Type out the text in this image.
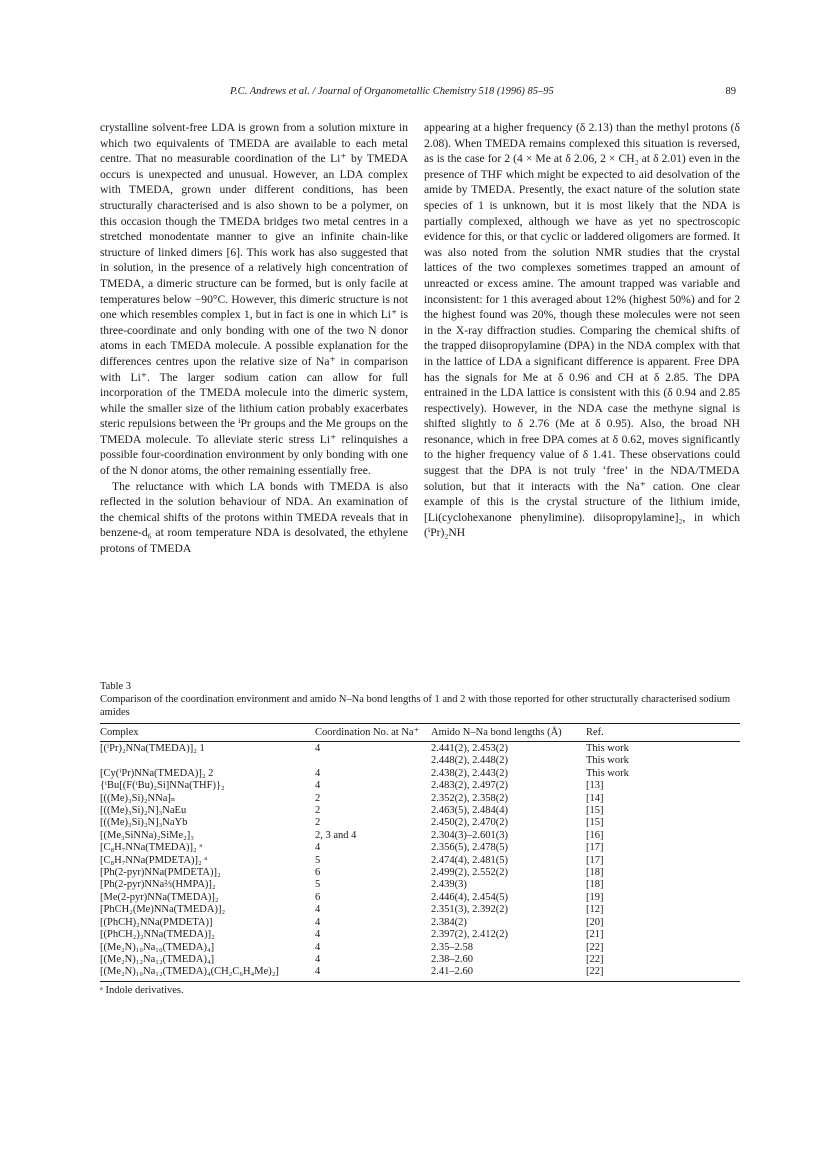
P.C. Andrews et al. / Journal of Organometallic Chemistry 518 (1996) 85–95	89

crystalline solvent-free LDA is grown from a solution mixture in which two equivalents of TMEDA are available to each metal centre. That no measurable coordination of the Li⁺ by TMEDA occurs is unexpected and unusual. However, an LDA complex with TMEDA, grown under different conditions, has been structurally characterised and is also shown to be a polymer, on this occasion though the TMEDA bridges two metal centres in a stretched monodentate manner to give an infinite chain-like structure of linked dimers [6]. This work has also suggested that in solution, in the presence of a relatively high concentration of TMEDA, a dimeric structure can be formed, but is only facile at temperatures below −90°C. However, this dimeric structure is not one which resembles complex 1, but in fact is one in which Li⁺ is three-coordinate and only bonding with one of the two N donor atoms in each TMEDA molecule. A possible explanation for the differences centres upon the relative size of Na⁺ in comparison with Li⁺. The larger sodium cation can allow for full incorporation of the TMEDA molecule into the dimeric system, while the smaller size of the lithium cation probably exacerbates steric repulsions between the ⁱPr groups and the Me groups on the TMEDA molecule. To alleviate steric stress Li⁺ relinquishes a possible four-coordination environment by only bonding with one of the N donor atoms, the other remaining essentially free.

The reluctance with which LA bonds with TMEDA is also reflected in the solution behaviour of NDA. An examination of the chemical shifts of the protons within TMEDA reveals that in benzene-d₆ at room temperature NDA is desolvated, the ethylene protons of TMEDA

appearing at a higher frequency (δ 2.13) than the methyl protons (δ 2.08). When TMEDA remains complexed this situation is reversed, as is the case for 2 (4 × Me at δ 2.06, 2 × CH₂ at δ 2.01) even in the presence of THF which might be expected to aid desolvation of the amide by TMEDA. Presently, the exact nature of the solution state species of 1 is unknown, but it is most likely that the NDA is partially complexed, although we have as yet no spectroscopic evidence for this, or that cyclic or laddered oligomers are formed. It was also noted from the solution NMR studies that the crystal lattices of the two complexes sometimes trapped an amount of unreacted or excess amine. The amount trapped was variable and inconsistent: for 1 this averaged about 12% (highest 50%) and for 2 the highest found was 20%, though these molecules were not seen in the X-ray diffraction studies. Comparing the chemical shifts of the trapped diisopropylamine (DPA) in the NDA complex with that in the lattice of LDA a significant difference is apparent. Free DPA has the signals for Me at δ 0.96 and CH at δ 2.85. The DPA entrained in the LDA lattice is consistent with this (δ 0.94 and 2.85 respectively). However, in the NDA case the methyne signal is shifted slightly to δ 2.76 (Me at δ 0.95). Also, the broad NH resonance, which in free DPA comes at δ 0.62, moves significantly to the higher frequency value of δ 1.41. These observations could suggest that the DPA is not truly ‘free’ in the NDA/TMEDA solution, but that it interacts with the Na⁺ cation. One clear example of this is the crystal structure of the lithium imide, [Li(cyclohexanone phenylimine). diisopropylamine]₂, in which (ⁱPr)₂NH

Table 3
Comparison of the coordination environment and amido N–Na bond lengths of 1 and 2 with those reported for other structurally characterised sodium amides
Complex	Coordination No. at Na⁺	Amido N–Na bond lengths (Å)	Ref.
[(ⁱPr)₂NNa(TMEDA)]₂ 1	4	2.441(2), 2.453(2)	This work
		2.448(2), 2.448(2)	This work
[Cy(ⁱPr)NNa(TMEDA)]₂ 2	4	2.438(2), 2.443(2)	This work
{ᵗBu[(F(ᵗBu)₂Si]NNa(THF)}₂	4	2.483(2), 2.497(2)	[13]
[((Me)₃Si)₂NNa]ₙ	2	2.352(2), 2.358(2)	[14]
[((Me)₃Si)₂N]₃NaEu	2	2.463(5), 2.484(4)	[15]
[((Me)₃Si)₂N]₃NaYb	2	2.450(2), 2.470(2)	[15]
[(Me₃SiNNa)₂SiMe₂]₃	2, 3 and 4	2.304(3)–2.601(3)	[16]
[C₈H₇NNa(TMEDA)]₂ ᵃ	4	2.356(5), 2.478(5)	[17]
[C₈H₇NNa(PMDETA)]₂ ᵃ	5	2.474(4), 2.481(5)	[17]
[Ph(2-pyr)NNa(PMDETA)]₂	6	2.499(2), 2.552(2)	[18]
[Ph(2-pyr)NNa⅔(HMPA)]₂	5	2.439(3)	[18]
[Me(2-pyr)NNa(TMEDA)]₂	6	2.446(4), 2.454(5)	[19]
[PhCH₂(Me)NNa(TMEDA)]₂	4	2.351(3), 2.392(2)	[12]
[(PhCH)₂NNa(PMDETA)]	4	2.384(2)	[20]
[(PhCH₂)₂NNa(TMEDA)]₂	4	2.397(2), 2.412(2)	[21]
[(Me₂N)₁₀Na₁₀(TMEDA)₄]	4	2.35–2.58	[22]
[(Me₂N)₁₂Na₁₂(TMEDA)₄]	4	2.38–2.60	[22]
[(Me₂N)₁₀Na₁₂(TMEDA)₄(CH₂C₆H₄Me)₂]	4	2.41–2.60	[22]
ᵃ Indole derivatives.
